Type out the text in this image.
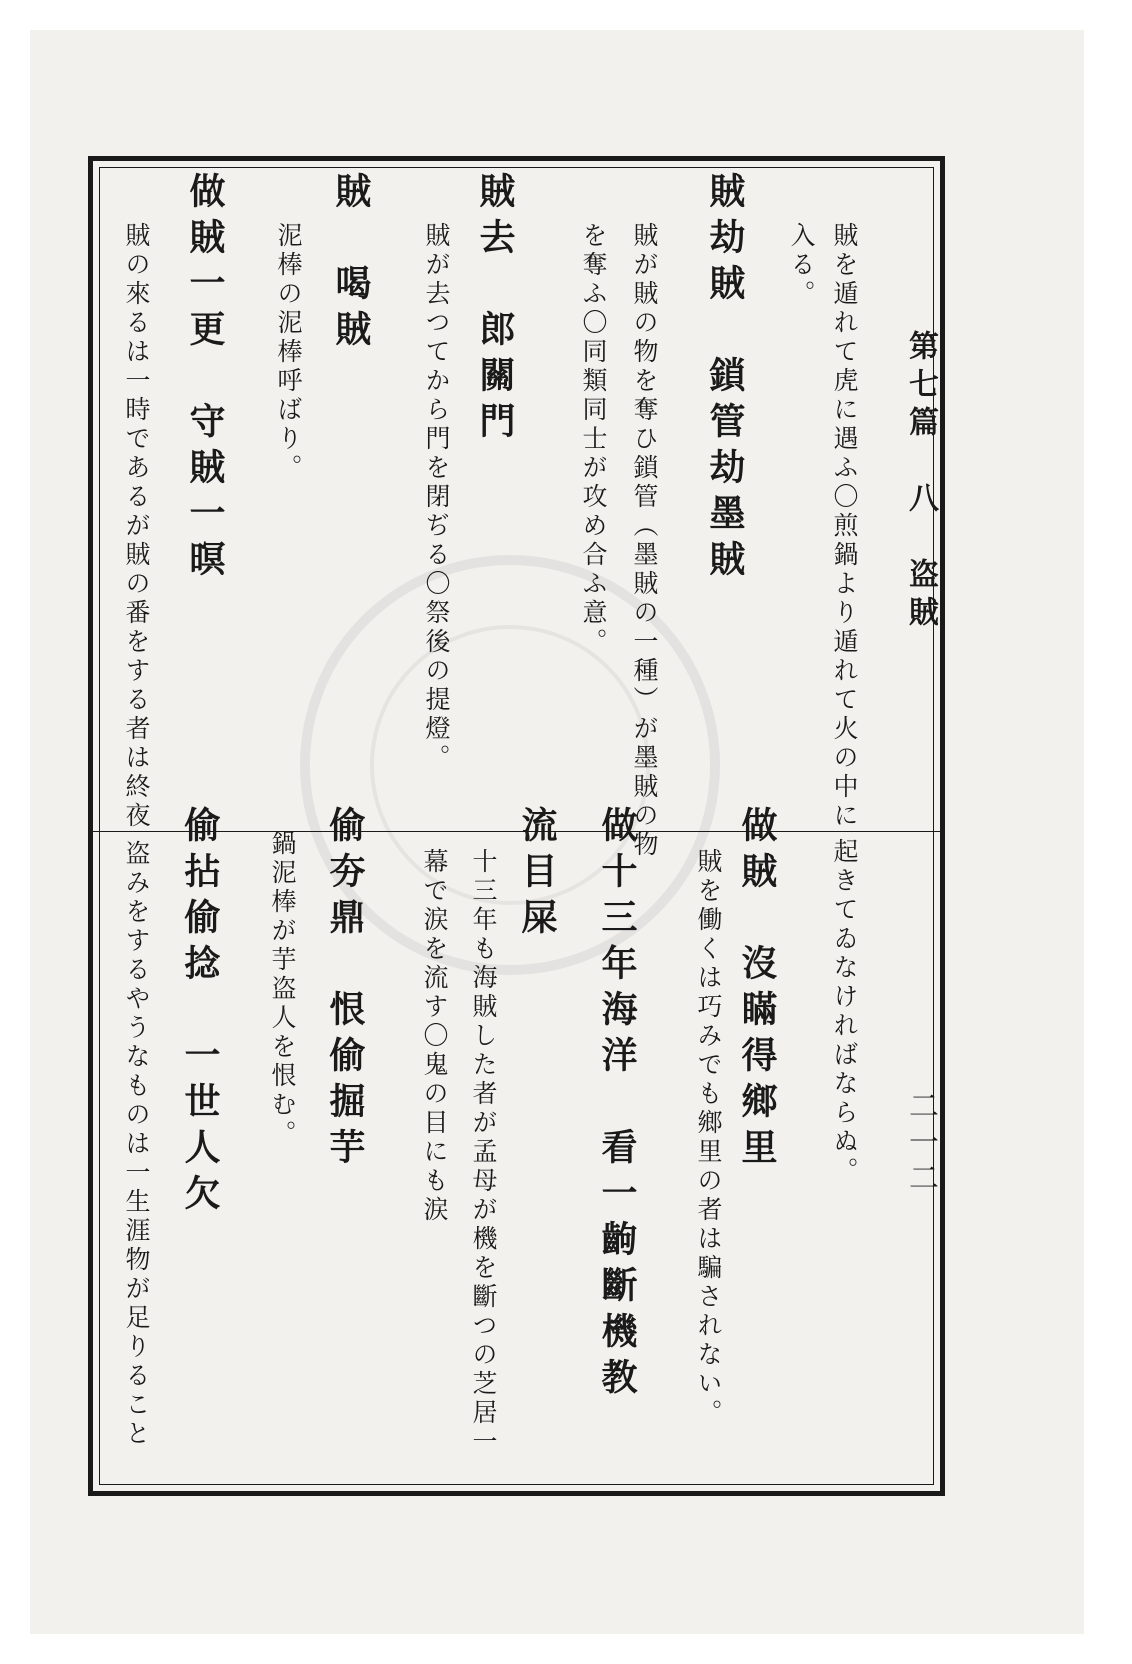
第七篇　八　盗賊
二一二
賊を遁れて虎に遇ふ〇煎鍋より遁れて火の中に
入る。
賊劫賊　鎖管劫墨賊
賊が賊の物を奪ひ鎖管（墨賊の一種）が墨賊の物
を奪ふ〇同類同士が攻め合ふ意。
賊去　郎關門
賊が去つてから門を閉ぢる〇祭後の提燈。
賊　喝賊
泥棒の泥棒呼ばり。
做賊一更　守賊一暝
賊の來るは一時であるが賊の番をする者は終夜
起きてゐなければならぬ。
做賊　沒瞞得鄉里
賊を働くは巧みでも鄉里の者は騙されない。
做十三年海洋　看一齣斷機教
流目屎
十三年も海賊した者が孟母が機を斷つの芝居一
幕で涙を流す〇鬼の目にも涙
偷夯鼎　恨偷掘芋
鍋泥棒が芋盗人を恨む。
偷拈偷捻　一世人欠
盗みをするやうなものは一生涯物が足りること
